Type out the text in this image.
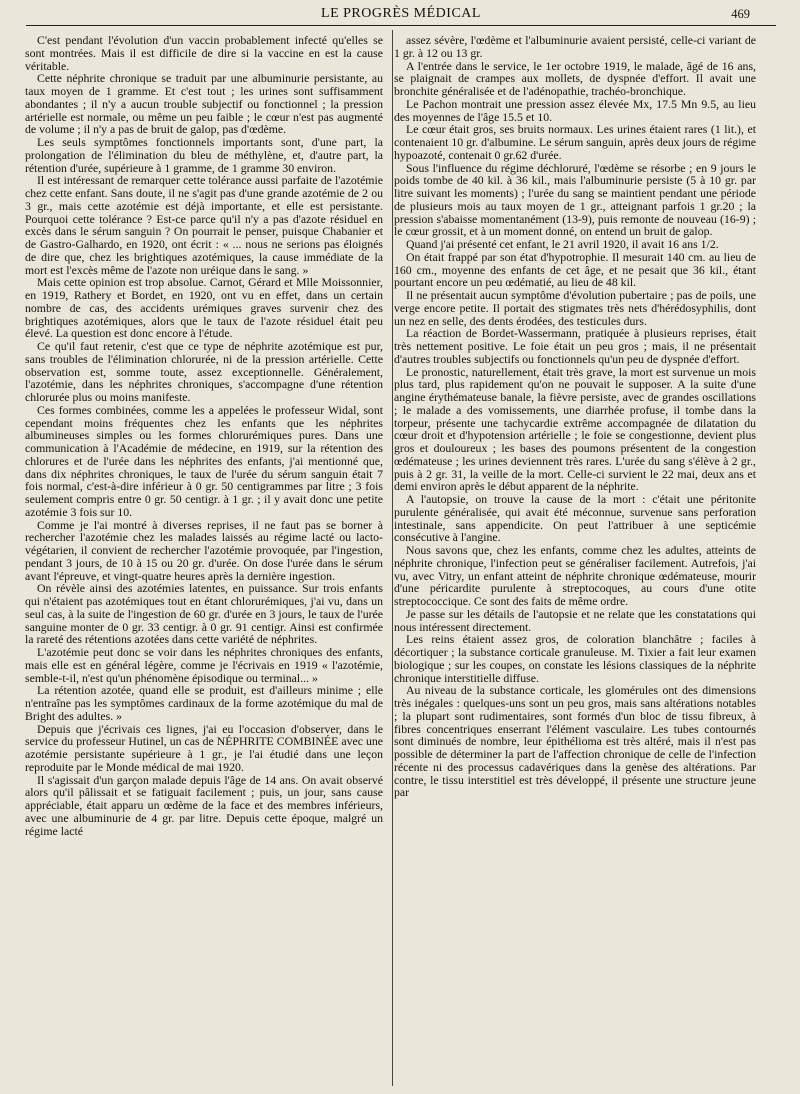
LE PROGRÈS MÉDICAL	469

C'est pendant l'évolution d'un vaccin probablement infecté qu'elles se sont montrées. Mais il est difficile de dire si la vaccine en est la cause véritable.

Cette néphrite chronique se traduit par une albuminurie persistante, au taux moyen de 1 gramme. Et c'est tout ; les urines sont suffisamment abondantes ; il n'y a aucun trouble subjectif ou fonctionnel ; la pression artérielle est normale, ou même un peu faible ; le cœur n'est pas augmenté de volume ; il n'y a pas de bruit de galop, pas d'œdème.

Les seuls symptômes fonctionnels importants sont, d'une part, la prolongation de l'élimination du bleu de méthylène, et, d'autre part, la rétention d'urée, supérieure à 1 gramme, de 1 gramme 30 environ.

Il est intéressant de remarquer cette tolérance aussi parfaite de l'azotémie chez cette enfant. Sans doute, il ne s'agit pas d'une grande azotémie de 2 ou 3 gr., mais cette azotémie est déjà importante, et elle est persistante. Pourquoi cette tolérance ? Est-ce parce qu'il n'y a pas d'azote résiduel en excès dans le sérum sanguin ? On pourrait le penser, puisque Chabanier et de Gastro-Galhardo, en 1920, ont écrit : « ... nous ne serions pas éloignés de dire que, chez les brightiques azotémiques, la cause immédiate de la mort est l'excès même de l'azote non uréique dans le sang. »

Mais cette opinion est trop absolue. Carnot, Gérard et Mlle Moissonnier, en 1919, Rathery et Bordet, en 1920, ont vu en effet, dans un certain nombre de cas, des accidents urémiques graves survenir chez des brightiques azotémiques, alors que le taux de l'azote résiduel était peu élevé. La question est donc encore à l'étude.

Ce qu'il faut retenir, c'est que ce type de néphrite azotémique est pur, sans troubles de l'élimination chlorurée, ni de la pression artérielle. Cette observation est, somme toute, assez exceptionnelle. Généralement, l'azotémie, dans les néphrites chroniques, s'accompagne d'une rétention chlorurée plus ou moins manifeste.

Ces formes combinées, comme les a appelées le professeur Widal, sont cependant moins fréquentes chez les enfants que les néphrites albumineuses simples ou les formes chlorurémiques pures. Dans une communication à l'Académie de médecine, en 1919, sur la rétention des chlorures et de l'urée dans les néphrites des enfants, j'ai mentionné que, dans dix néphrites chroniques, le taux de l'urée du sérum sanguin était 7 fois normal, c'est-à-dire inférieur à 0 gr. 50 centigrammes par litre ; 3 fois seulement compris entre 0 gr. 50 centigr. à 1 gr. ; il y avait donc une petite azotémie 3 fois sur 10.

Comme je l'ai montré à diverses reprises, il ne faut pas se borner à rechercher l'azotémie chez les malades laissés au régime lacté ou lacto-végétarien, il convient de rechercher l'azotémie provoquée, par l'ingestion, pendant 3 jours, de 10 à 15 ou 20 gr. d'urée. On dose l'urée dans le sérum avant l'épreuve, et vingt-quatre heures après la dernière ingestion.

On révèle ainsi des azotémies latentes, en puissance. Sur trois enfants qui n'étaient pas azotémiques tout en étant chlorurémiques, j'ai vu, dans un seul cas, à la suite de l'ingestion de 60 gr. d'urée en 3 jours, le taux de l'urée sanguine monter de 0 gr. 33 centigr. à 0 gr. 91 centigr. Ainsi est confirmée la rareté des rétentions azotées dans cette variété de néphrites.

L'azotémie peut donc se voir dans les néphrites chroniques des enfants, mais elle est en général légère, comme je l'écrivais en 1919 « l'azotémie, semble-t-il, n'est qu'un phénomène épisodique ou terminal... »

La rétention azotée, quand elle se produit, est d'ailleurs minime ; elle n'entraîne pas les symptômes cardinaux de la forme azotémique du mal de Bright des adultes. »

Depuis que j'écrivais ces lignes, j'ai eu l'occasion d'observer, dans le service du professeur Hutinel, un cas de NÉPHRITE COMBINÉE avec une azotémie persistante supérieure à 1 gr., je l'ai étudié dans une leçon reproduite par le Monde médical de mai 1920.

Il s'agissait d'un garçon malade depuis l'âge de 14 ans. On avait observé alors qu'il pâlissait et se fatiguait facilement ; puis, un jour, sans cause appréciable, était apparu un œdème de la face et des membres inférieurs, avec une albuminurie de 4 gr. par litre. Depuis cette époque, malgré un régime lacté

assez sévère, l'œdème et l'albuminurie avaient persisté, celle-ci variant de 1 gr. à 12 ou 13 gr.

A l'entrée dans le service, le 1er octobre 1919, le malade, âgé de 16 ans, se plaignait de crampes aux mollets, de dyspnée d'effort. Il avait une bronchite généralisée et de l'adénopathie, trachéo-bronchique.

Le Pachon montrait une pression assez élevée Mx, 17.5 Mn 9.5, au lieu des moyennes de l'âge 15.5 et 10.

Le cœur était gros, ses bruits normaux. Les urines étaient rares (1 lit.), et contenaient 10 gr. d'albumine. Le sérum sanguin, après deux jours de régime hypoazoté, contenait 0 gr.62 d'urée.

Sous l'influence du régime déchloruré, l'œdème se résorbe ; en 9 jours le poids tombe de 40 kil. à 36 kil., mais l'albuminurie persiste (5 à 10 gr. par litre suivant les moments) ; l'urée du sang se maintient pendant une période de plusieurs mois au taux moyen de 1 gr., atteignant parfois 1 gr.20 ; la pression s'abaisse momentanément (13-9), puis remonte de nouveau (16-9) ; le cœur grossit, et à un moment donné, on entend un bruit de galop.

Quand j'ai présenté cet enfant, le 21 avril 1920, il avait 16 ans 1/2.

On était frappé par son état d'hypotrophie. Il mesurait 140 cm. au lieu de 160 cm., moyenne des enfants de cet âge, et ne pesait que 36 kil., étant pourtant encore un peu œdématié, au lieu de 48 kil.

Il ne présentait aucun symptôme d'évolution pubertaire ; pas de poils, une verge encore petite. Il portait des stigmates très nets d'hérédosyphilis, dont un nez en selle, des dents érodées, des testicules durs.

La réaction de Bordet-Wassermann, pratiquée à plusieurs reprises, était très nettement positive. Le foie était un peu gros ; mais, il ne présentait d'autres troubles subjectifs ou fonctionnels qu'un peu de dyspnée d'effort.

Le pronostic, naturellement, était très grave, la mort est survenue un mois plus tard, plus rapidement qu'on ne pouvait le supposer. A la suite d'une angine érythémateuse banale, la fièvre persiste, avec de grandes oscillations ; le malade a des vomissements, une diarrhée profuse, il tombe dans la torpeur, présente une tachycardie extrême accompagnée de dilatation du cœur droit et d'hypotension artérielle ; le foie se congestionne, devient plus gros et douloureux ; les bases des poumons présentent de la congestion œdémateuse ; les urines deviennent très rares. L'urée du sang s'élève à 2 gr., puis à 2 gr. 31, la veille de la mort. Celle-ci survient le 22 mai, deux ans et demi environ après le début apparent de la néphrite.

A l'autopsie, on trouve la cause de la mort : c'était une péritonite purulente généralisée, qui avait été méconnue, survenue sans perforation intestinale, sans appendicite. On peut l'attribuer à une septicémie consécutive à l'angine.

Nous savons que, chez les enfants, comme chez les adultes, atteints de néphrite chronique, l'infection peut se généraliser facilement. Autrefois, j'ai vu, avec Vitry, un enfant atteint de néphrite chronique œdémateuse, mourir d'une péricardite purulente à streptocoques, au cours d'une otite streptococcique. Ce sont des faits de même ordre.

Je passe sur les détails de l'autopsie et ne relate que les constatations qui nous intéressent directement.

Les reins étaient assez gros, de coloration blanchâtre ; faciles à décortiquer ; la substance corticale granuleuse. M. Tixier a fait leur examen biologique ; sur les coupes, on constate les lésions classiques de la néphrite chronique interstitielle diffuse.

Au niveau de la substance corticale, les glomérules ont des dimensions très inégales : quelques-uns sont un peu gros, mais sans altérations notables ; la plupart sont rudimentaires, sont formés d'un bloc de tissu fibreux, à fibres concentriques enserrant l'élément vasculaire. Les tubes contournés sont diminués de nombre, leur épithélioma est très altéré, mais il n'est pas possible de déterminer la part de l'affection chronique de celle de l'infection récente ni des processus cadavériques dans la genèse des altérations. Par contre, le tissu interstitiel est très développé, il présente une structure jeune par
